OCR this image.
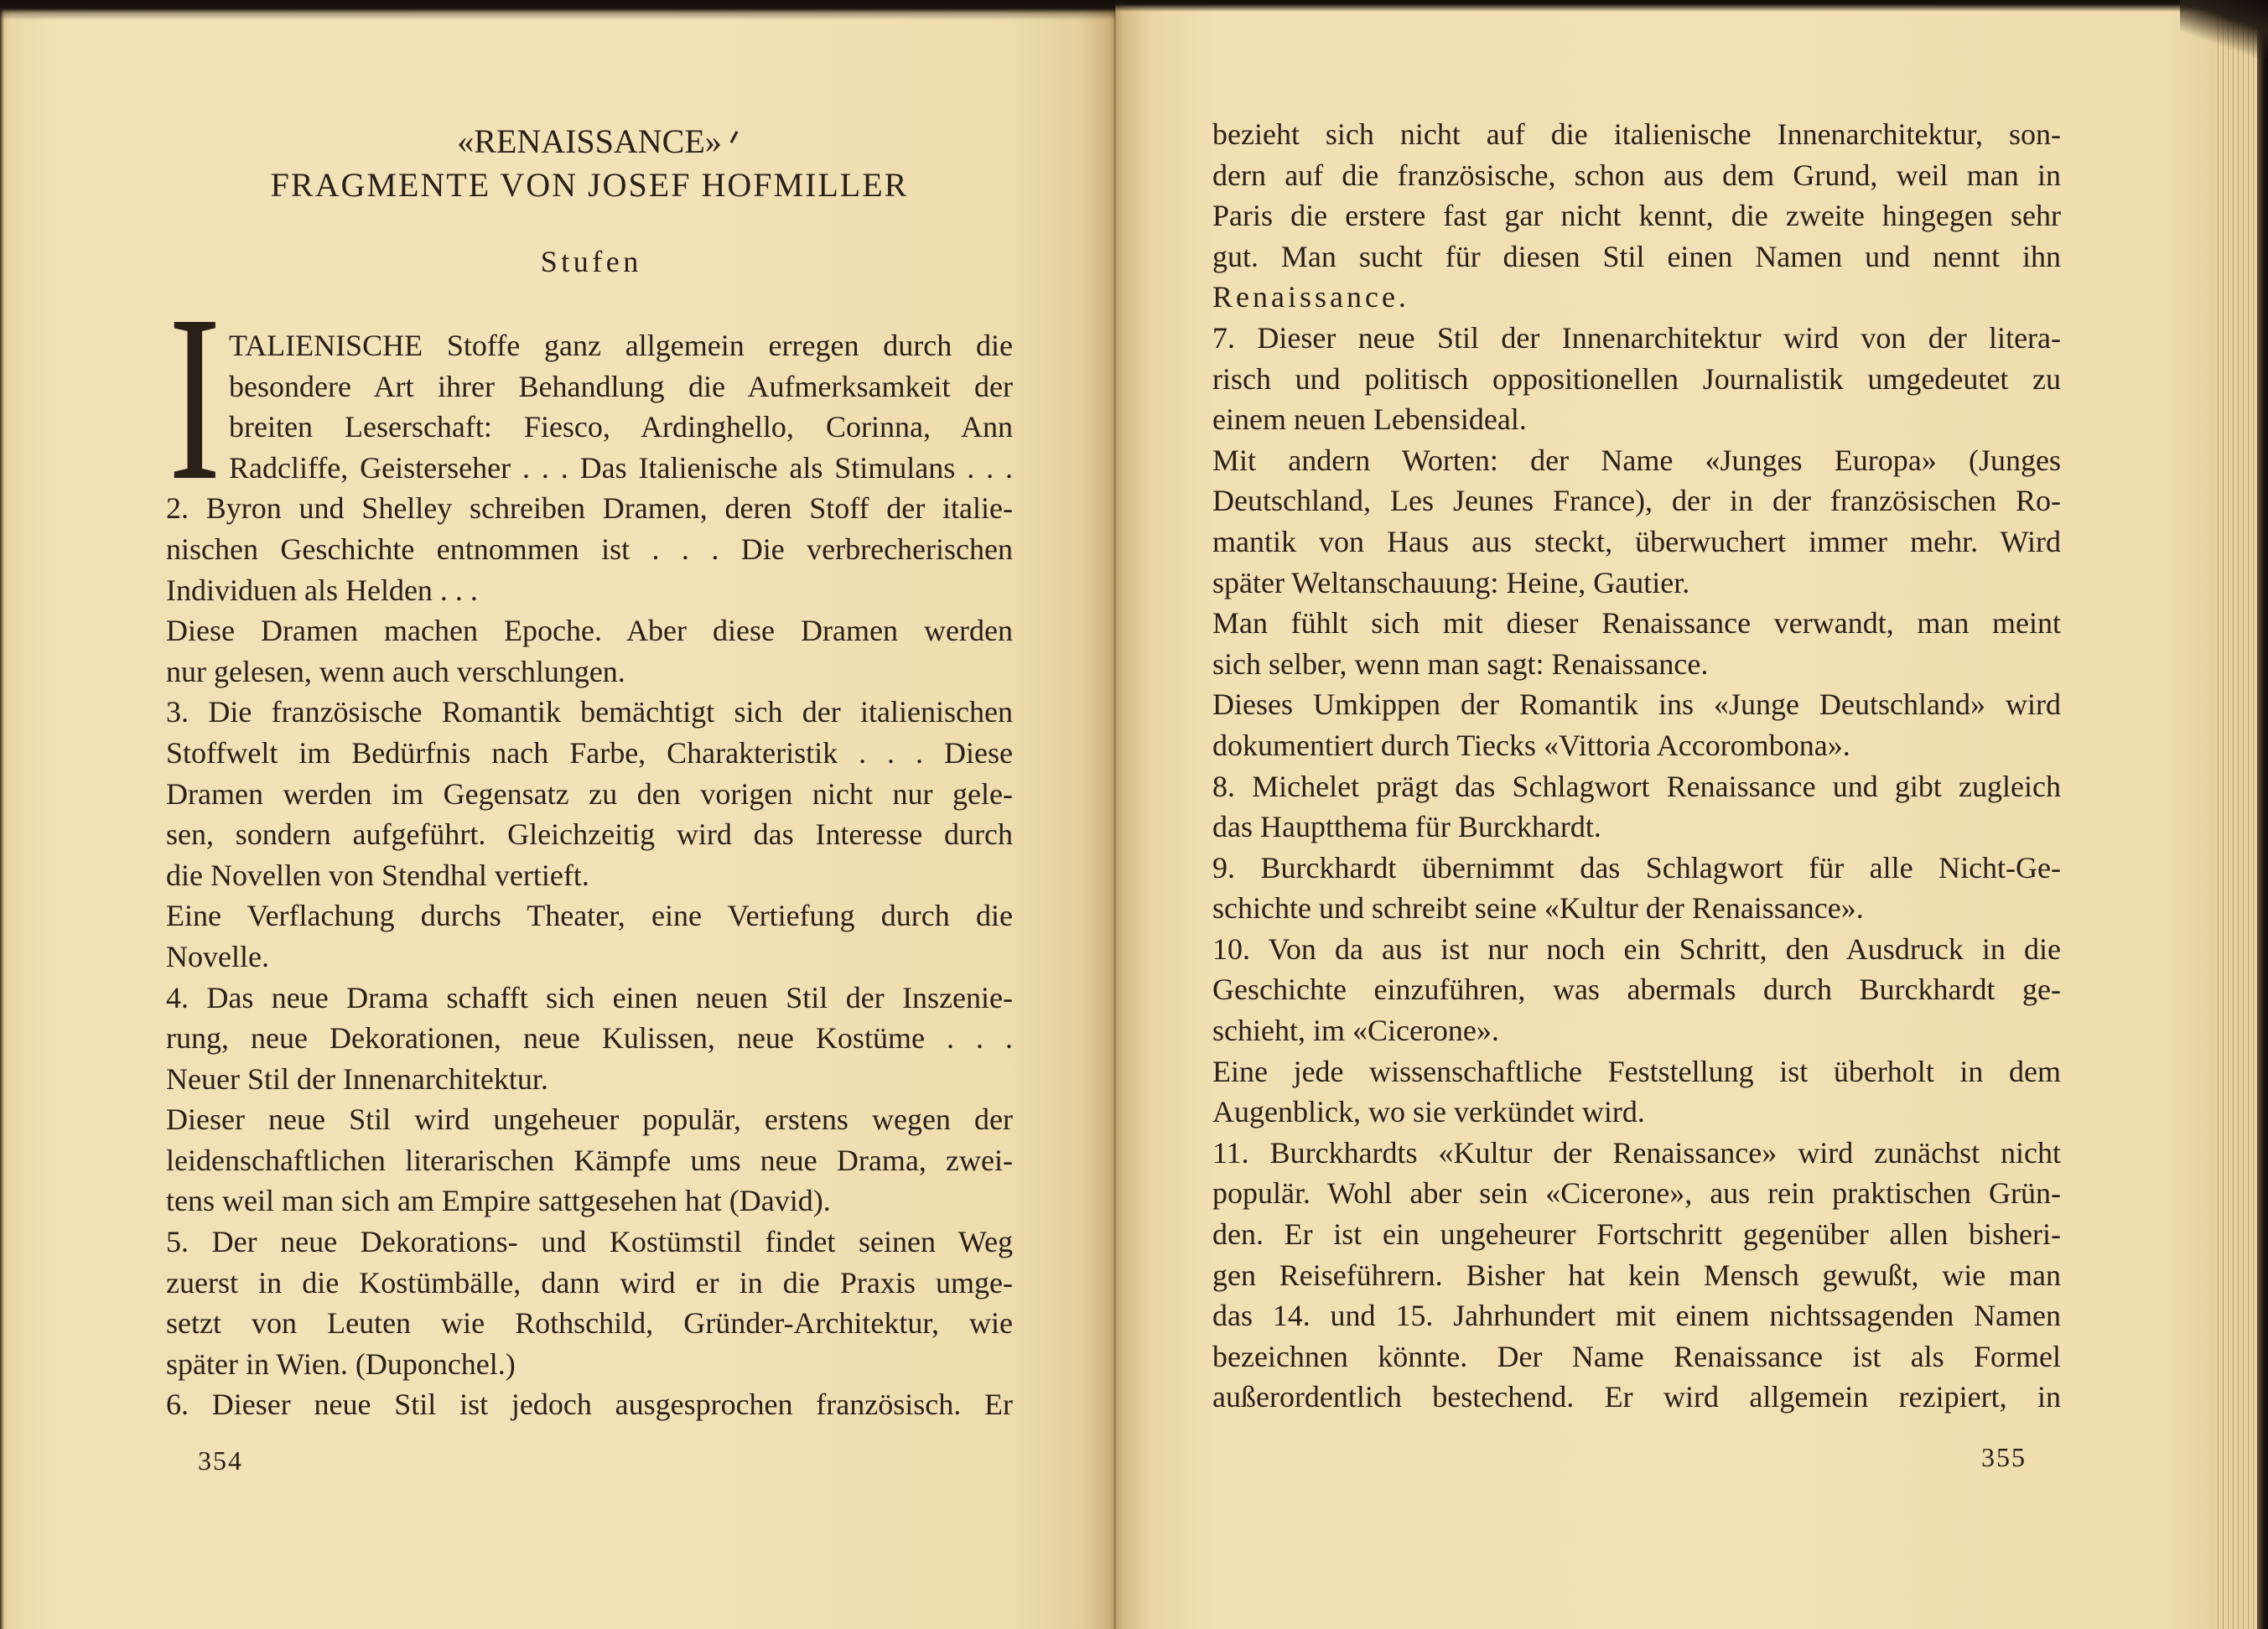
«RENAISSANCE»
FRAGMENTE VON JOSEF HOFMILLER
Stufen
I TALIENISCHE Stoffe ganz allgemein erregen durch die
besondere Art ihrer Behandlung die Aufmerksamkeit der
breiten Leserschaft: Fiesco, Ardinghello, Corinna, Ann
Radcliffe, Geisterseher . . . Das Italienische als Stimulans . . .
2. Byron und Shelley schreiben Dramen, deren Stoff der italie-
nischen Geschichte entnommen ist . . . Die verbrecherischen
Individuen als Helden . . .
Diese Dramen machen Epoche. Aber diese Dramen werden
nur gelesen, wenn auch verschlungen.
3. Die französische Romantik bemächtigt sich der italienischen
Stoffwelt im Bedürfnis nach Farbe, Charakteristik . . . Diese
Dramen werden im Gegensatz zu den vorigen nicht nur gele-
sen, sondern aufgeführt. Gleichzeitig wird das Interesse durch
die Novellen von Stendhal vertieft.
Eine Verflachung durchs Theater, eine Vertiefung durch die
Novelle.
4. Das neue Drama schafft sich einen neuen Stil der Inszenie-
rung, neue Dekorationen, neue Kulissen, neue Kostüme . . .
Neuer Stil der Innenarchitektur.
Dieser neue Stil wird ungeheuer populär, erstens wegen der
leidenschaftlichen literarischen Kämpfe ums neue Drama, zwei-
tens weil man sich am Empire sattgesehen hat (David).
5. Der neue Dekorations- und Kostümstil findet seinen Weg
zuerst in die Kostümbälle, dann wird er in die Praxis umge-
setzt von Leuten wie Rothschild, Gründer-Architektur, wie
später in Wien. (Duponchel.)
6. Dieser neue Stil ist jedoch ausgesprochen französisch. Er
bezieht sich nicht auf die italienische Innenarchitektur, son-
dern auf die französische, schon aus dem Grund, weil man in
Paris die erstere fast gar nicht kennt, die zweite hingegen sehr
gut. Man sucht für diesen Stil einen Namen und nennt ihn
Renaissance.
7. Dieser neue Stil der Innenarchitektur wird von der litera-
risch und politisch oppositionellen Journalistik umgedeutet zu
einem neuen Lebensideal.
Mit andern Worten: der Name «Junges Europa» (Junges
Deutschland, Les Jeunes France), der in der französischen Ro-
mantik von Haus aus steckt, überwuchert immer mehr. Wird
später Weltanschauung: Heine, Gautier.
Man fühlt sich mit dieser Renaissance verwandt, man meint
sich selber, wenn man sagt: Renaissance.
Dieses Umkippen der Romantik ins «Junge Deutschland» wird
dokumentiert durch Tiecks «Vittoria Accorombona».
8. Michelet prägt das Schlagwort Renaissance und gibt zugleich
das Hauptthema für Burckhardt.
9. Burckhardt übernimmt das Schlagwort für alle Nicht-Ge-
schichte und schreibt seine «Kultur der Renaissance».
10. Von da aus ist nur noch ein Schritt, den Ausdruck in die
Geschichte einzuführen, was abermals durch Burckhardt ge-
schieht, im «Cicerone».
Eine jede wissenschaftliche Feststellung ist überholt in dem
Augenblick, wo sie verkündet wird.
11. Burckhardts «Kultur der Renaissance» wird zunächst nicht
populär. Wohl aber sein «Cicerone», aus rein praktischen Grün-
den. Er ist ein ungeheurer Fortschritt gegenüber allen bisheri-
gen Reiseführern. Bisher hat kein Mensch gewußt, wie man
das 14. und 15. Jahrhundert mit einem nichtssagenden Namen
bezeichnen könnte. Der Name Renaissance ist als Formel
außerordentlich bestechend. Er wird allgemein rezipiert, in
354	355
